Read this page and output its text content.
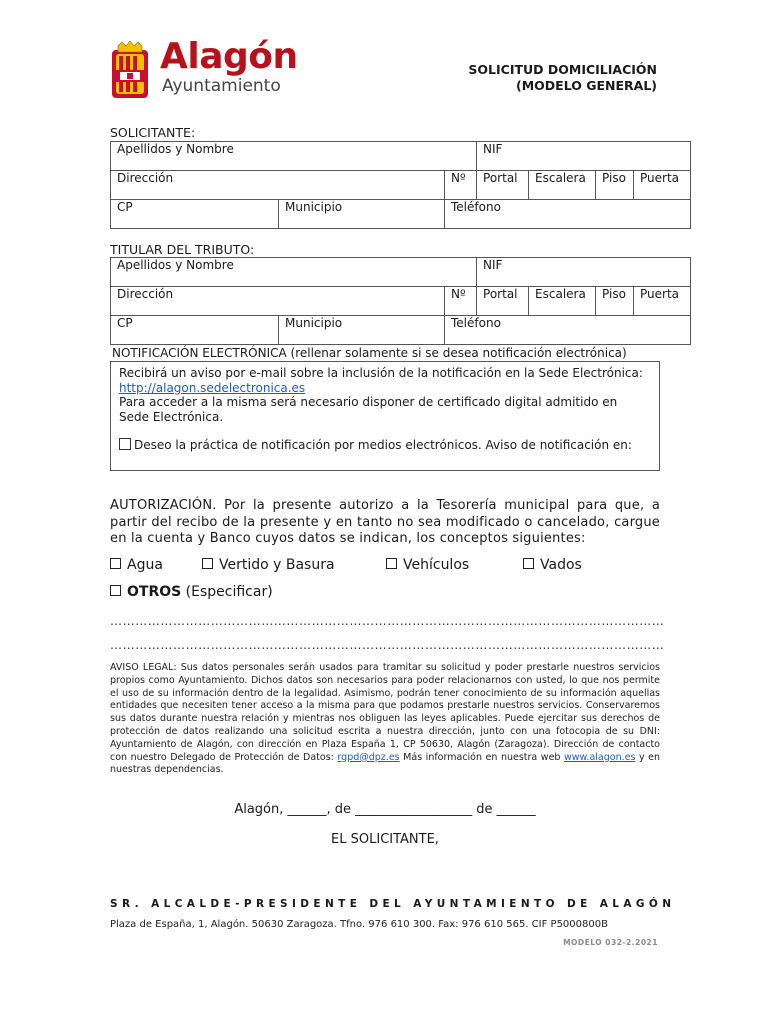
Alagón
Ayuntamiento
SOLICITUD DOMICILIACIÓN
(MODELO GENERAL)
SOLICITANTE:
Apellidos y Nombre			NIF			
Dirección		Nº	Portal	Escalera	Piso	Puerta
CP	Municipio	Teléfono				
TITULAR DEL TRIBUTO:
Apellidos y Nombre			NIF			
Dirección		Nº	Portal	Escalera	Piso	Puerta
CP	Municipio	Teléfono				
NOTIFICACIÓN ELECTRÓNICA (rellenar solamente si se desea notificación electrónica)
Recibirá un aviso por e-mail sobre la inclusión de la notificación en la Sede Electrónica: http://alagon.sedelectronica.es
Para acceder a la misma será necesario disponer de certificado digital admitido en Sede Electrónica.
Deseo la práctica de notificación por medios electrónicos. Aviso de notificación en:
AUTORIZACIÓN. Por la presente autorizo a la Tesorería municipal para que, a partir del recibo de la presente y en tanto no sea modificado o cancelado, cargue en la cuenta y Banco cuyos datos se indican, los conceptos siguientes:
Agua	Vertido y Basura	Vehículos	Vados
OTROS (Especificar)
……………………………………………………………………………………………………………………
……………………………………………………………………………………………………………………
AVISO LEGAL: Sus datos personales serán usados para tramitar su solicitud y poder prestarle nuestros servicios propios como Ayuntamiento. Dichos datos son necesarios para poder relacionarnos con usted, lo que nos permite el uso de su información dentro de la legalidad. Asimismo, podrán tener conocimiento de su información aquellas entidades que necesiten tener acceso a la misma para que podamos prestarle nuestros servicios. Conservaremos sus datos durante nuestra relación y mientras nos obliguen las leyes aplicables. Puede ejercitar sus derechos de protección de datos realizando una solicitud escrita a nuestra dirección, junto con una fotocopia de su DNI: Ayuntamiento de Alagón, con dirección en Plaza España 1, CP 50630, Alagón (Zaragoza). Dirección de contacto con nuestro Delegado de Protección de Datos: rgpd@dpz.es Más información en nuestra web www.alagon.es y en nuestras dependencias.
Alagón, ______, de __________________ de ______
EL SOLICITANTE,
SR. ALCALDE-PRESIDENTE DEL AYUNTAMIENTO DE ALAGÓN
Plaza de España, 1, Alagón. 50630 Zaragoza. Tfno. 976 610 300. Fax: 976 610 565. CIF P5000800B
MODELO 032-2.2021
